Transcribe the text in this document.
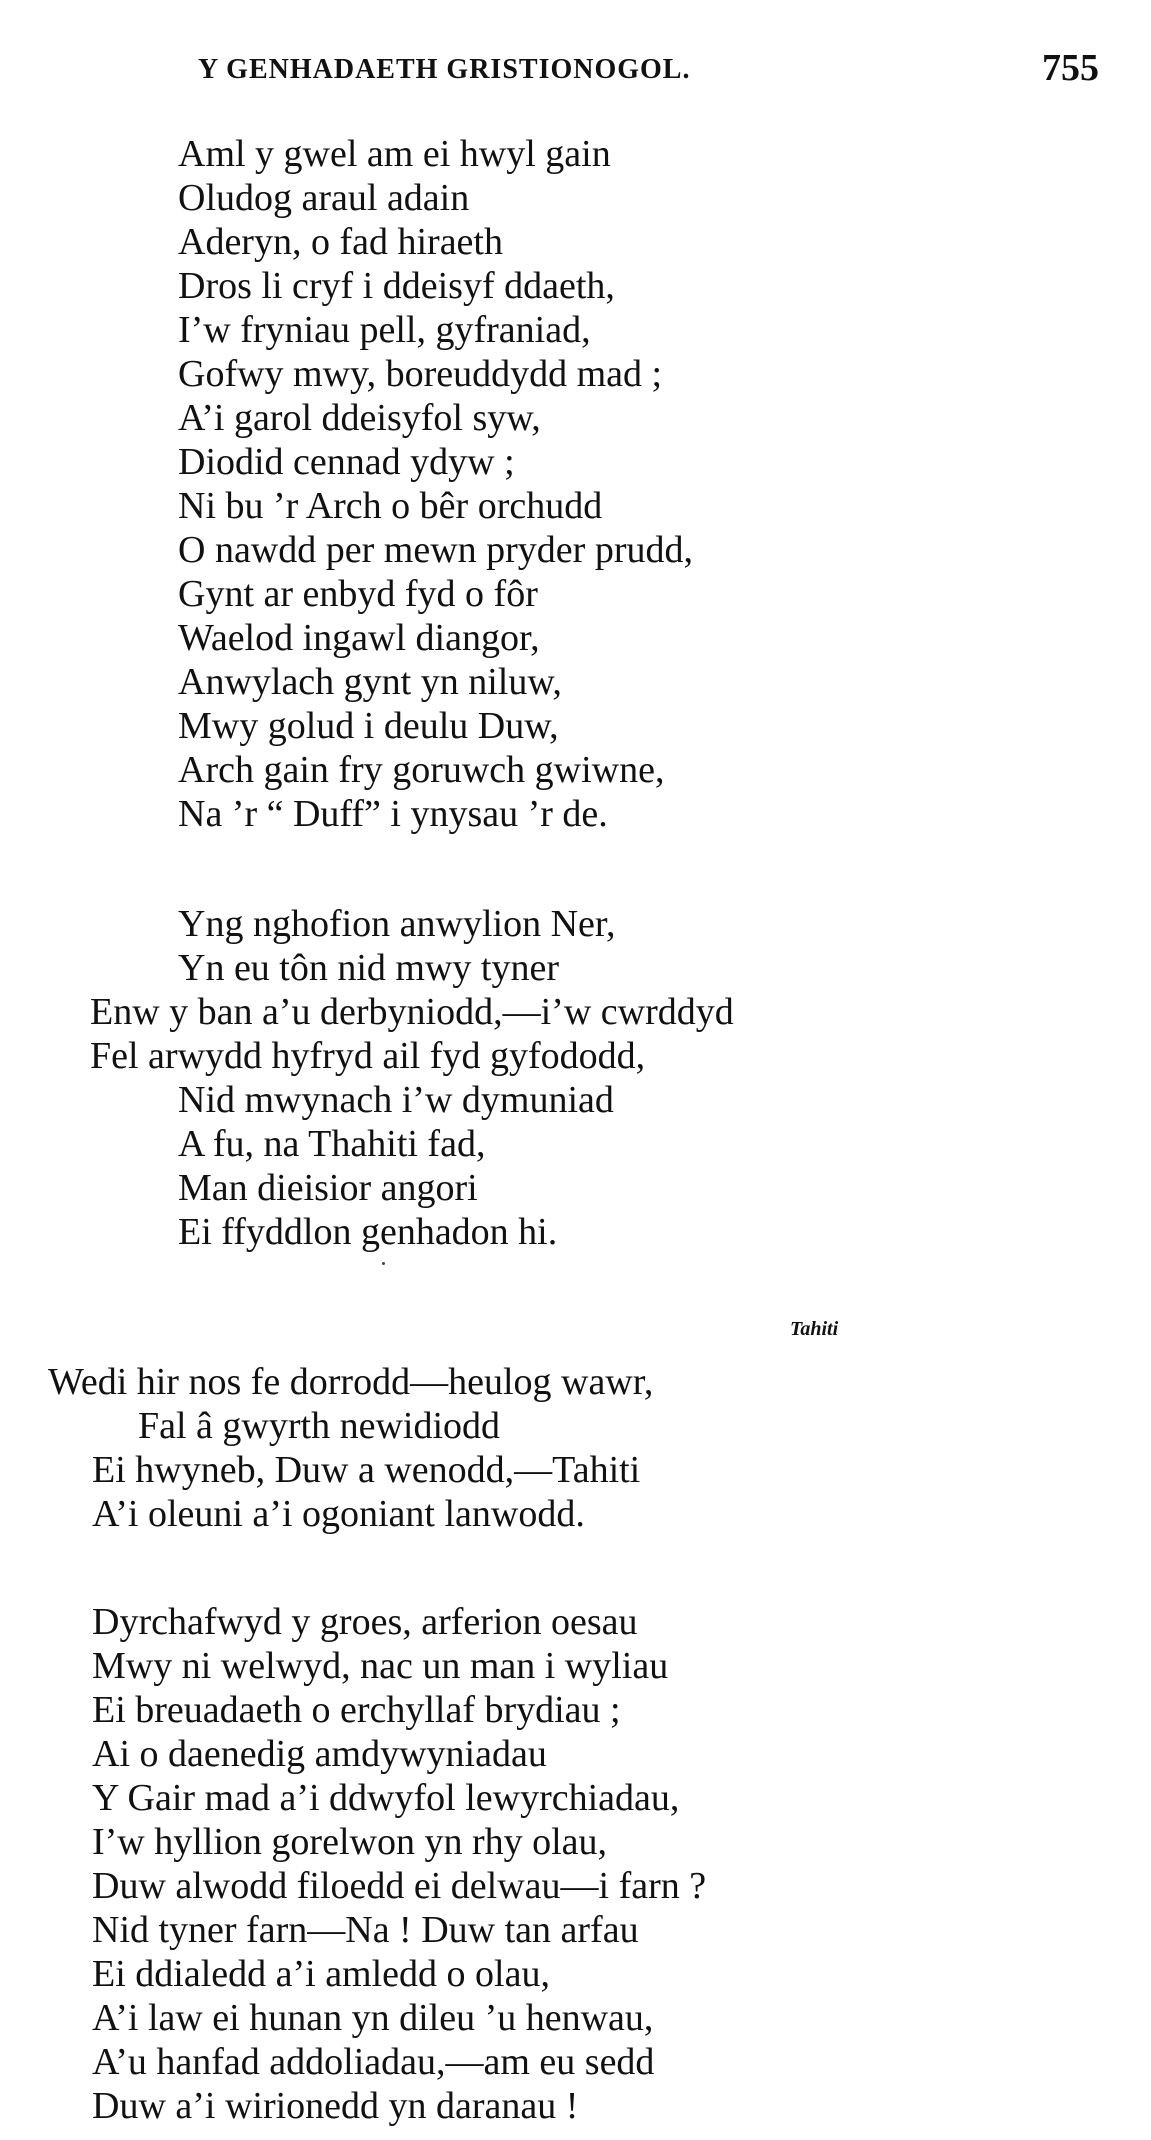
Y GENHADAETH GRISTIONOGOL.	755
Aml y gwel am ei hwyl gain
Oludog araul adain
Aderyn, o fad hiraeth
Dros li cryf i ddeisyf ddaeth,
I’w fryniau pell, gyfraniad,
Gofwy mwy, boreuddydd mad ;
A’i garol ddeisyfol syw,
Diodid cennad ydyw ;
Ni bu ’r Arch o bêr orchudd
O nawdd per mewn pryder prudd,
Gynt ar enbyd fyd o fôr
Waelod ingawl diangor,
Anwylach gynt yn niluw,
Mwy golud i deulu Duw,
Arch gain fry goruwch gwiwne,
Na ’r “ Duff” i ynysau ’r de.
Yng nghofion anwylion Ner,
Yn eu tôn nid mwy tyner
Enw y ban a’u derbyniodd,—i’w cwrddyd
Fel arwydd hyfryd ail fyd gyfododd,
Nid mwynach i’w dymuniad
A fu, na Thahiti fad,
Man dieisior angori
Ei ffyddlon genhadon hi.
Tahiti
Wedi hir nos fe dorrodd—heulog wawr,
Fal â gwyrth newidiodd
Ei hwyneb, Duw a wenodd,—Tahiti
A’i oleuni a’i ogoniant lanwodd.
Dyrchafwyd y groes, arferion oesau
Mwy ni welwyd, nac un man i wyliau
Ei breuadaeth o erchyllaf brydiau ;
Ai o daenedig amdywyniadau
Y Gair mad a’i ddwyfol lewyrchiadau,
I’w hyllion gorelwon yn rhy olau,
Duw alwodd filoedd ei delwau—i farn ?
Nid tyner farn—Na ! Duw tan arfau
Ei ddialedd a’i amledd o olau,
A’i law ei hunan yn dileu ’u henwau,
A’u hanfad addoliadau,—am eu sedd
Duw a’i wirionedd yn daranau !
